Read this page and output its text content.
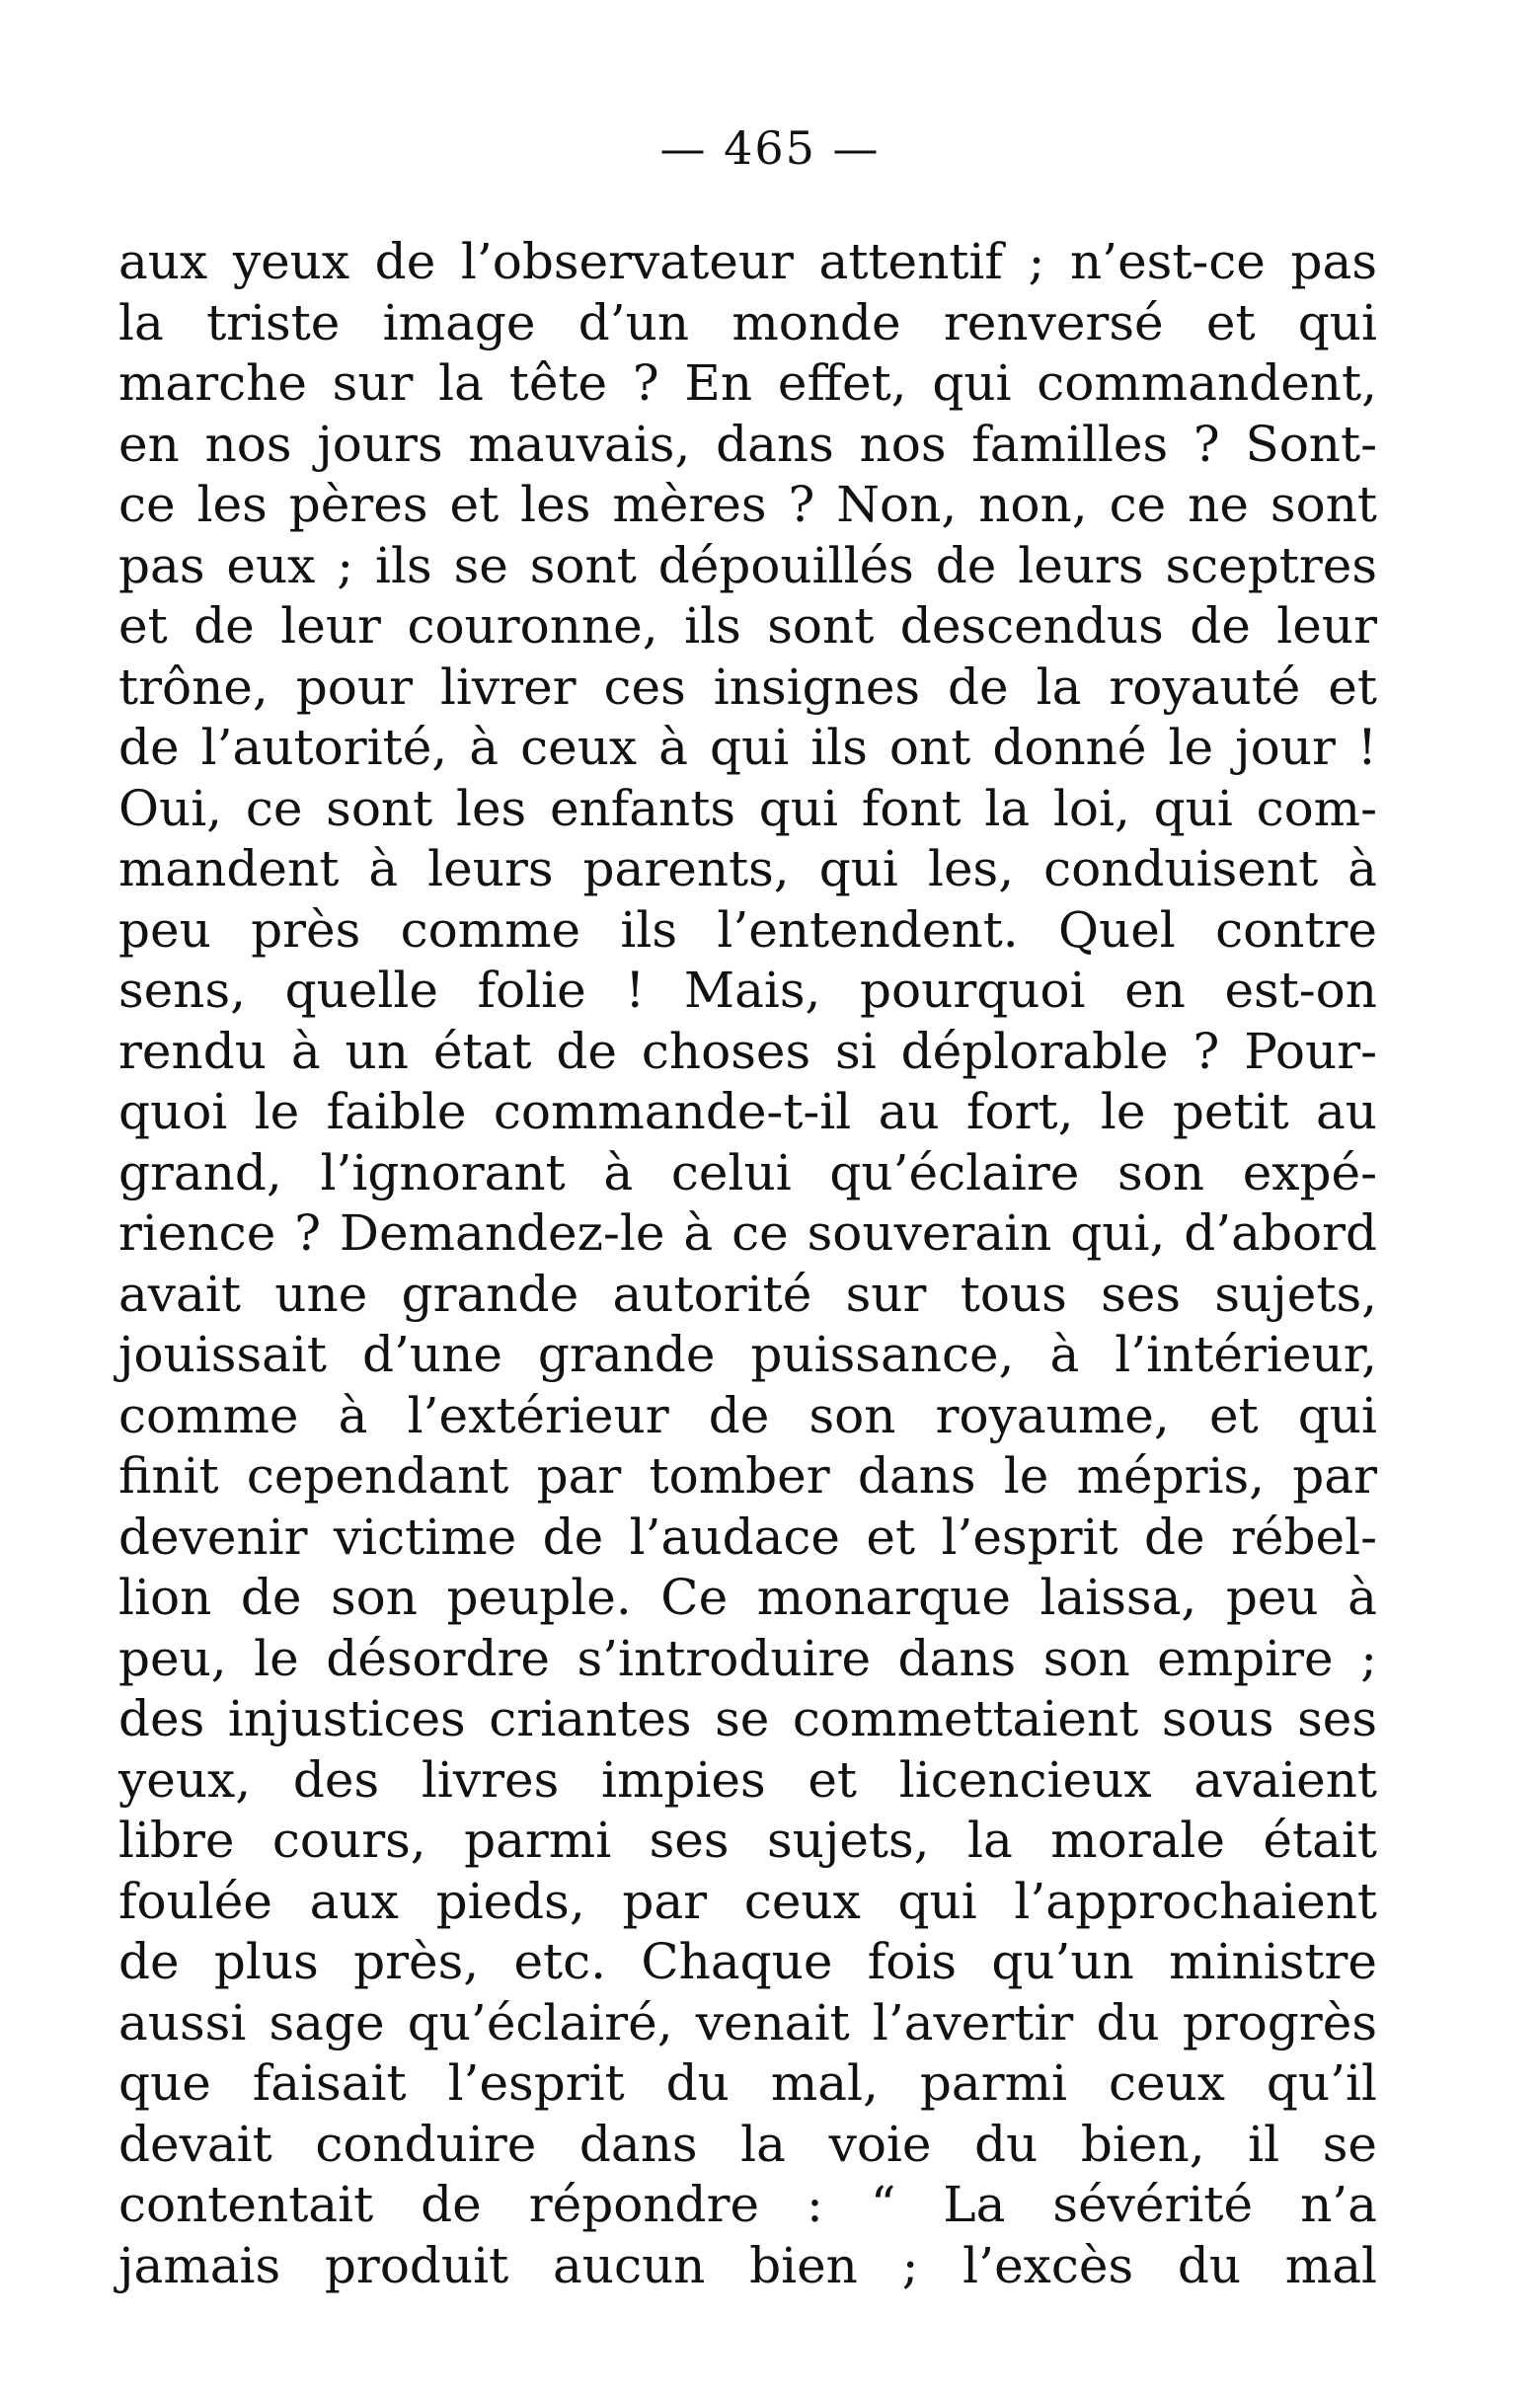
— 465 —
aux yeux de l’observateur attentif ; n’est-ce pas
la triste image d’un monde renversé et qui
marche sur la tête ? En effet, qui commandent,
en nos jours mauvais, dans nos familles ? Sont-
ce les pères et les mères ? Non, non, ce ne sont
pas eux ; ils se sont dépouillés de leurs sceptres
et de leur couronne, ils sont descendus de leur
trône, pour livrer ces insignes de la royauté et
de l’autorité, à ceux à qui ils ont donné le jour !
Oui, ce sont les enfants qui font la loi, qui com-
mandent à leurs parents, qui les, conduisent à
peu près comme ils l’entendent. Quel contre
sens, quelle folie ! Mais, pourquoi en est-on
rendu à un état de choses si déplorable ? Pour-
quoi le faible commande-t-il au fort, le petit au
grand, l’ignorant à celui qu’éclaire son expé-
rience ? Demandez-le à ce souverain qui, d’abord
avait une grande autorité sur tous ses sujets,
jouissait d’une grande puissance, à l’intérieur,
comme à l’extérieur de son royaume, et qui
finit cependant par tomber dans le mépris, par
devenir victime de l’audace et l’esprit de rébel-
lion de son peuple. Ce monarque laissa, peu à
peu, le désordre s’introduire dans son empire ;
des injustices criantes se commettaient sous ses
yeux, des livres impies et licencieux avaient
libre cours, parmi ses sujets, la morale était
foulée aux pieds, par ceux qui l’approchaient
de plus près, etc. Chaque fois qu’un ministre
aussi sage qu’éclairé, venait l’avertir du progrès
que faisait l’esprit du mal, parmi ceux qu’il
devait conduire dans la voie du bien, il se
contentait de répondre : “ La sévérité n’a
jamais produit aucun bien ; l’excès du mal
